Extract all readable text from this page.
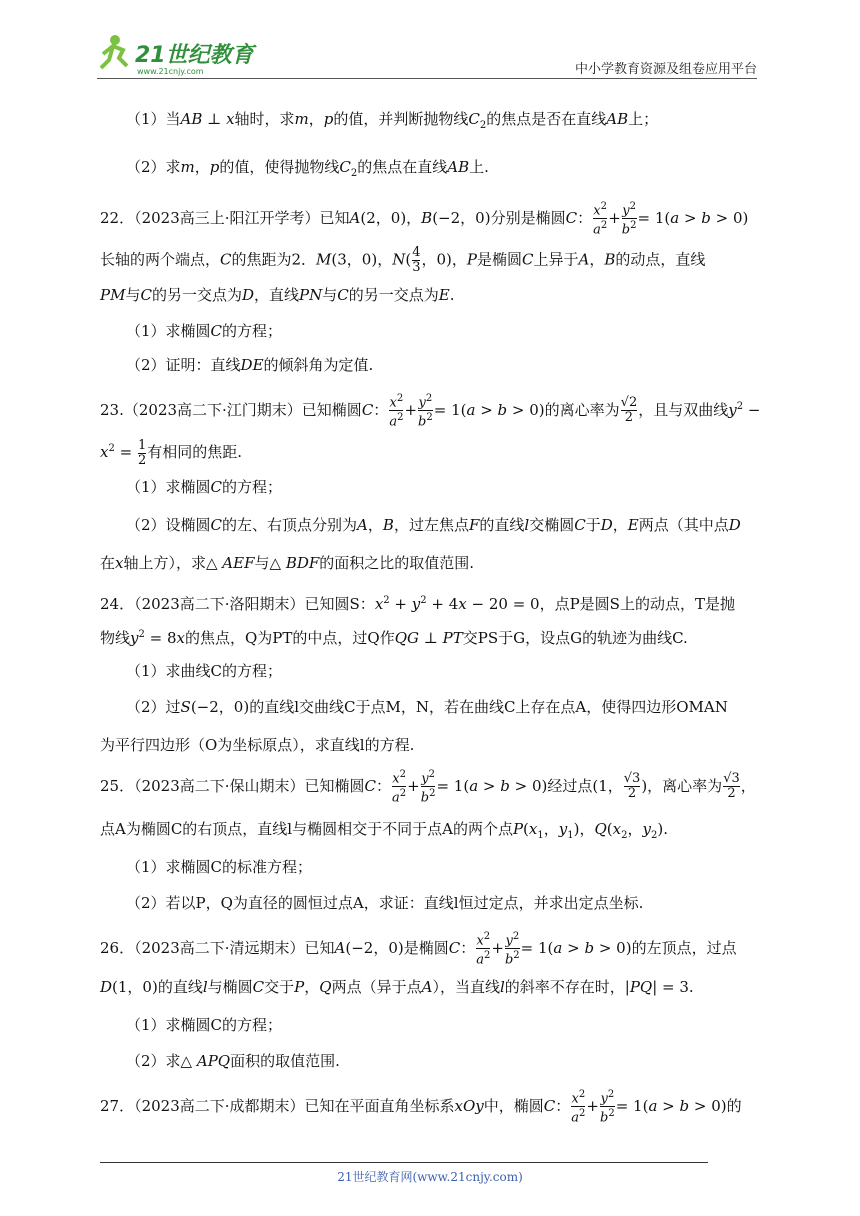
21世纪教育
www.21cnjy.com	中小学教育资源及组卷应用平台
（1）当AB ⊥ x轴时，求m，p的值，并判断抛物线$C_2$的焦点是否在直线AB上；
（2）求m，p的值，使得抛物线$C_2$的焦点在直线AB上.
22．（2023高三上·阳江开学考）已知A(2，0)，B(−2，0)分别是椭圆C： $\frac{x^2}{a^2} + \frac{y^2}{b^2} = 1(a > b > 0)$
长轴的两个端点，C的焦距为2．M(3，0)，$N( \frac{4}{3}$ ，0)，P是椭圆C上异于A，B的动点，直线
PM与C的另一交点为D，直线PN与C的另一交点为E.
（1）求椭圆C的方程；
（2）证明：直线DE的倾斜角为定值.
23.（2023高二下·江门期末）已知椭圆C： $\frac{x^2}{a^2} + \frac{y^2}{b^2} = 1(a > b > 0)$的离心率为 $\frac{√2}{2}$ ，且与双曲线$y^2$ −
$x^2 = \frac{1}{2}$ 有相同的焦距.
（1）求椭圆C的方程；
（2）设椭圆C的左、右顶点分别为A，B，过左焦点F的直线l交椭圆C于D，E两点（其中点D
在x轴上方），求△ AEF与△ BDF的面积之比的取值范围.
24．（2023高二下·洛阳期末）已知圆S：$x^2 + y^2 + 4x - 20 = 0$，点P是圆S上的动点，T是抛
物线$y^2 = 8x$的焦点，Q为PT的中点，过Q作QG ⊥ PT交PS于G，设点G的轨迹为曲线C.
（1）求曲线C的方程；
（2）过S(−2，0)的直线l交曲线C于点M，N，若在曲线C上存在点A，使得四边形OMAN
为平行四边形（O为坐标原点），求直线l的方程.
25．（2023高二下·保山期末）已知椭圆C： $\frac{x^2}{a^2} + \frac{y^2}{b^2} = 1(a > b > 0)$经过点(1， $\frac{√3}{2}$ )，离心率为 $\frac{√3}{2}$ ，
点A为椭圆C的右顶点，直线l与椭圆相交于不同于点A的两个点$P(x_1$，$y_1$)，$Q(x_2$，$y_2$).
（1）求椭圆C的标准方程；
（2）若以P，Q为直径的圆恒过点A，求证：直线l恒过定点，并求出定点坐标.
26．（2023高二下·清远期末）已知A(−2，0)是椭圆C： $\frac{x^2}{a^2} + \frac{y^2}{b^2} = 1(a > b > 0)$的左顶点，过点
D(1，0)的直线l与椭圆C交于P，Q两点（异于点A），当直线l的斜率不存在时，|PQ| = 3.
（1）求椭圆C的方程；
（2）求△ APQ面积的取值范围.
27．（2023高二下·成都期末）已知在平面直角坐标系xOy中，椭圆C： $\frac{x^2}{a^2} + \frac{y^2}{b^2} = 1(a > b > 0)$的
21世纪教育网(www.21cnjy.com)
